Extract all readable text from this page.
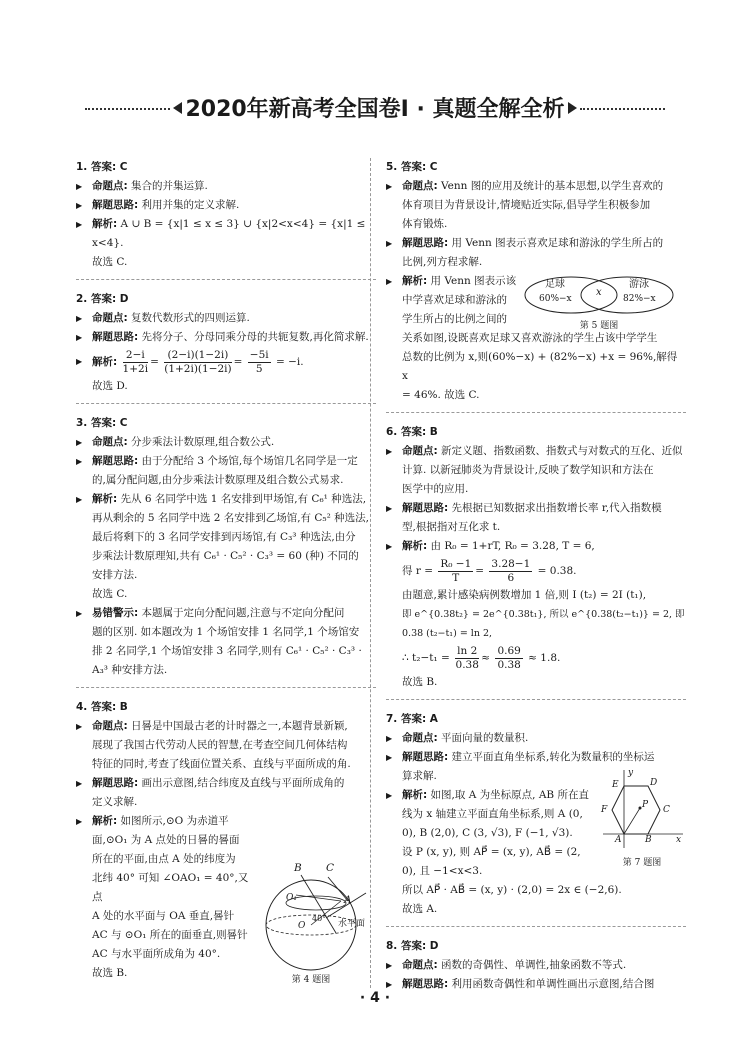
2020年新高考全国卷Ⅰ · 真题全解全析
1. 答案: C
▶ 命题点: 集合的并集运算.
▶ 解题思路: 利用并集的定义求解.
▶ 解析: A ∪ B = {x|1 ≤ x ≤ 3} ∪ {x|2<x<4} = {x|1 ≤ x<4}.
故选 C.
2. 答案: D
▶ 命题点: 复数代数形式的四则运算.
▶ 解题思路: 先将分子、分母同乘分母的共轭复数,再化简求解.
▶ 解析: $\frac{2-i}{1+2i} = \frac{(2-i)(1-2i)}{(1+2i)(1-2i)} = \frac{-5i}{5} = -i$.
故选 D.
3. 答案: C
▶ 命题点: 分步乘法计数原理,组合数公式.
▶ 解题思路: 由于分配给 3 个场馆,每个场馆几名同学是一定
的,属分配问题,由分步乘法计数原理及组合数公式易求.
▶ 解析: 先从 6 名同学中选 1 名安排到甲场馆,有 C₆¹ 种选法,
再从剩余的 5 名同学中选 2 名安排到乙场馆,有 C₅² 种选法,
最后将剩下的 3 名同学安排到丙场馆,有 C₃³ 种选法,由分
步乘法计数原理知,共有 C₆¹ · C₅² · C₃³ = 60 (种) 不同的
安排方法.
故选 C.
▶ 易错警示: 本题属于定向分配问题,注意与不定向分配问
题的区别. 如本题改为 1 个场馆安排 1 名同学,1 个场馆安
排 2 名同学,1 个场馆安排 3 名同学,则有 C₆¹ · C₅² · C₃³ ·
A₃³ 种安排方法.
4. 答案: B
▶ 命题点: 日晷是中国最古老的计时器之一,本题背景新颖,
展现了我国古代劳动人民的智慧,在考查空间几何体结构
特征的同时,考查了线面位置关系、直线与平面所成的角.
▶ 解题思路: 画出示意图,结合纬度及直线与平面所成角的
定义求解.
▶ 解析: 如图所示,⊙O 为赤道平
面,⊙O₁ 为 A 点处的日晷的晷面
所在的平面,由点 A 处的纬度为
北纬 40° 可知 ∠OAO₁ = 40°,又点
A 处的水平面与 OA 垂直,晷针
AC 与 ⊙O₁ 所在的面垂直,则晷针
AC 与水平面所成角为 40°.
故选 B.
B C
O₁	A
O
40°
水平面
第 4 题图
5. 答案: C
▶ 命题点: Venn 图的应用及统计的基本思想,以学生喜欢的
体育项目为背景设计,情境贴近实际,倡导学生积极参加
体育锻炼.
▶ 解题思路: 用 Venn 图表示喜欢足球和游泳的学生所占的
比例,列方程求解.
▶ 解析: 用 Venn 图表示该
中学喜欢足球和游泳的
学生所占的比例之间的
关系如图,设既喜欢足球又喜欢游泳的学生占该中学学生
总数的比例为 x,则(60%−x) + (82%−x) +x = 96%,解得 x
= 46%. 故选 C.
足球
60%−x
x
游泳
82%−x
第 5 题图
6. 答案: B
▶ 命题点: 新定义题、指数函数、指数式与对数式的互化、近似
计算. 以新冠肺炎为背景设计,反映了数学知识和方法在
医学中的应用.
▶ 解题思路: 先根据已知数据求出指数增长率 r,代入指数模
型,根据指对互化求 t.
▶ 解析: 由 R₀ = 1+rT, R₀ = 3.28, T = 6,
得 $r = \frac{\text{R₀ −1}}{T} = \frac{3.28-1}{6} = 0.38$.
由题意,累计感染病例数增加 1 倍,则 I (t₂) = 2I (t₁),
即 e^{0.38t₂} = 2e^{0.38t₁}, 所以 e^{0.38(t₂−t₁)} = 2, 即 0.38 (t₂−t₁) = ln 2,
∴ $t_2-t_1 = \frac{\ln 2}{0.38} \approx \frac{0.69}{0.38} \approx 1.8$.
故选 B.
7. 答案: A
▶ 命题点: 平面向量的数量积.
▶ 解题思路: 建立平面直角坐标系,转化为数量积的坐标运
算求解.
▶ 解析: 如图,取 A 为坐标原点, AB 所在直
线为 x 轴建立平面直角坐标系,则 A (0,
0), B (2,0), C (3, √3), F (−1, √3).
设 P (x, y), 则 AP⃗ = (x, y), AB⃗ = (2,
0), 且 −1<x<3.
所以 AP⃗ · AB⃗ = (x, y) · (2,0) = 2x ∈ (−2,6).
故选 A.
y
E	D
F	P C
A	B	x
第 7 题图
8. 答案: D
▶ 命题点: 函数的奇偶性、单调性,抽象函数不等式.
▶ 解题思路: 利用函数奇偶性和单调性画出示意图,结合图
· 4 ·
